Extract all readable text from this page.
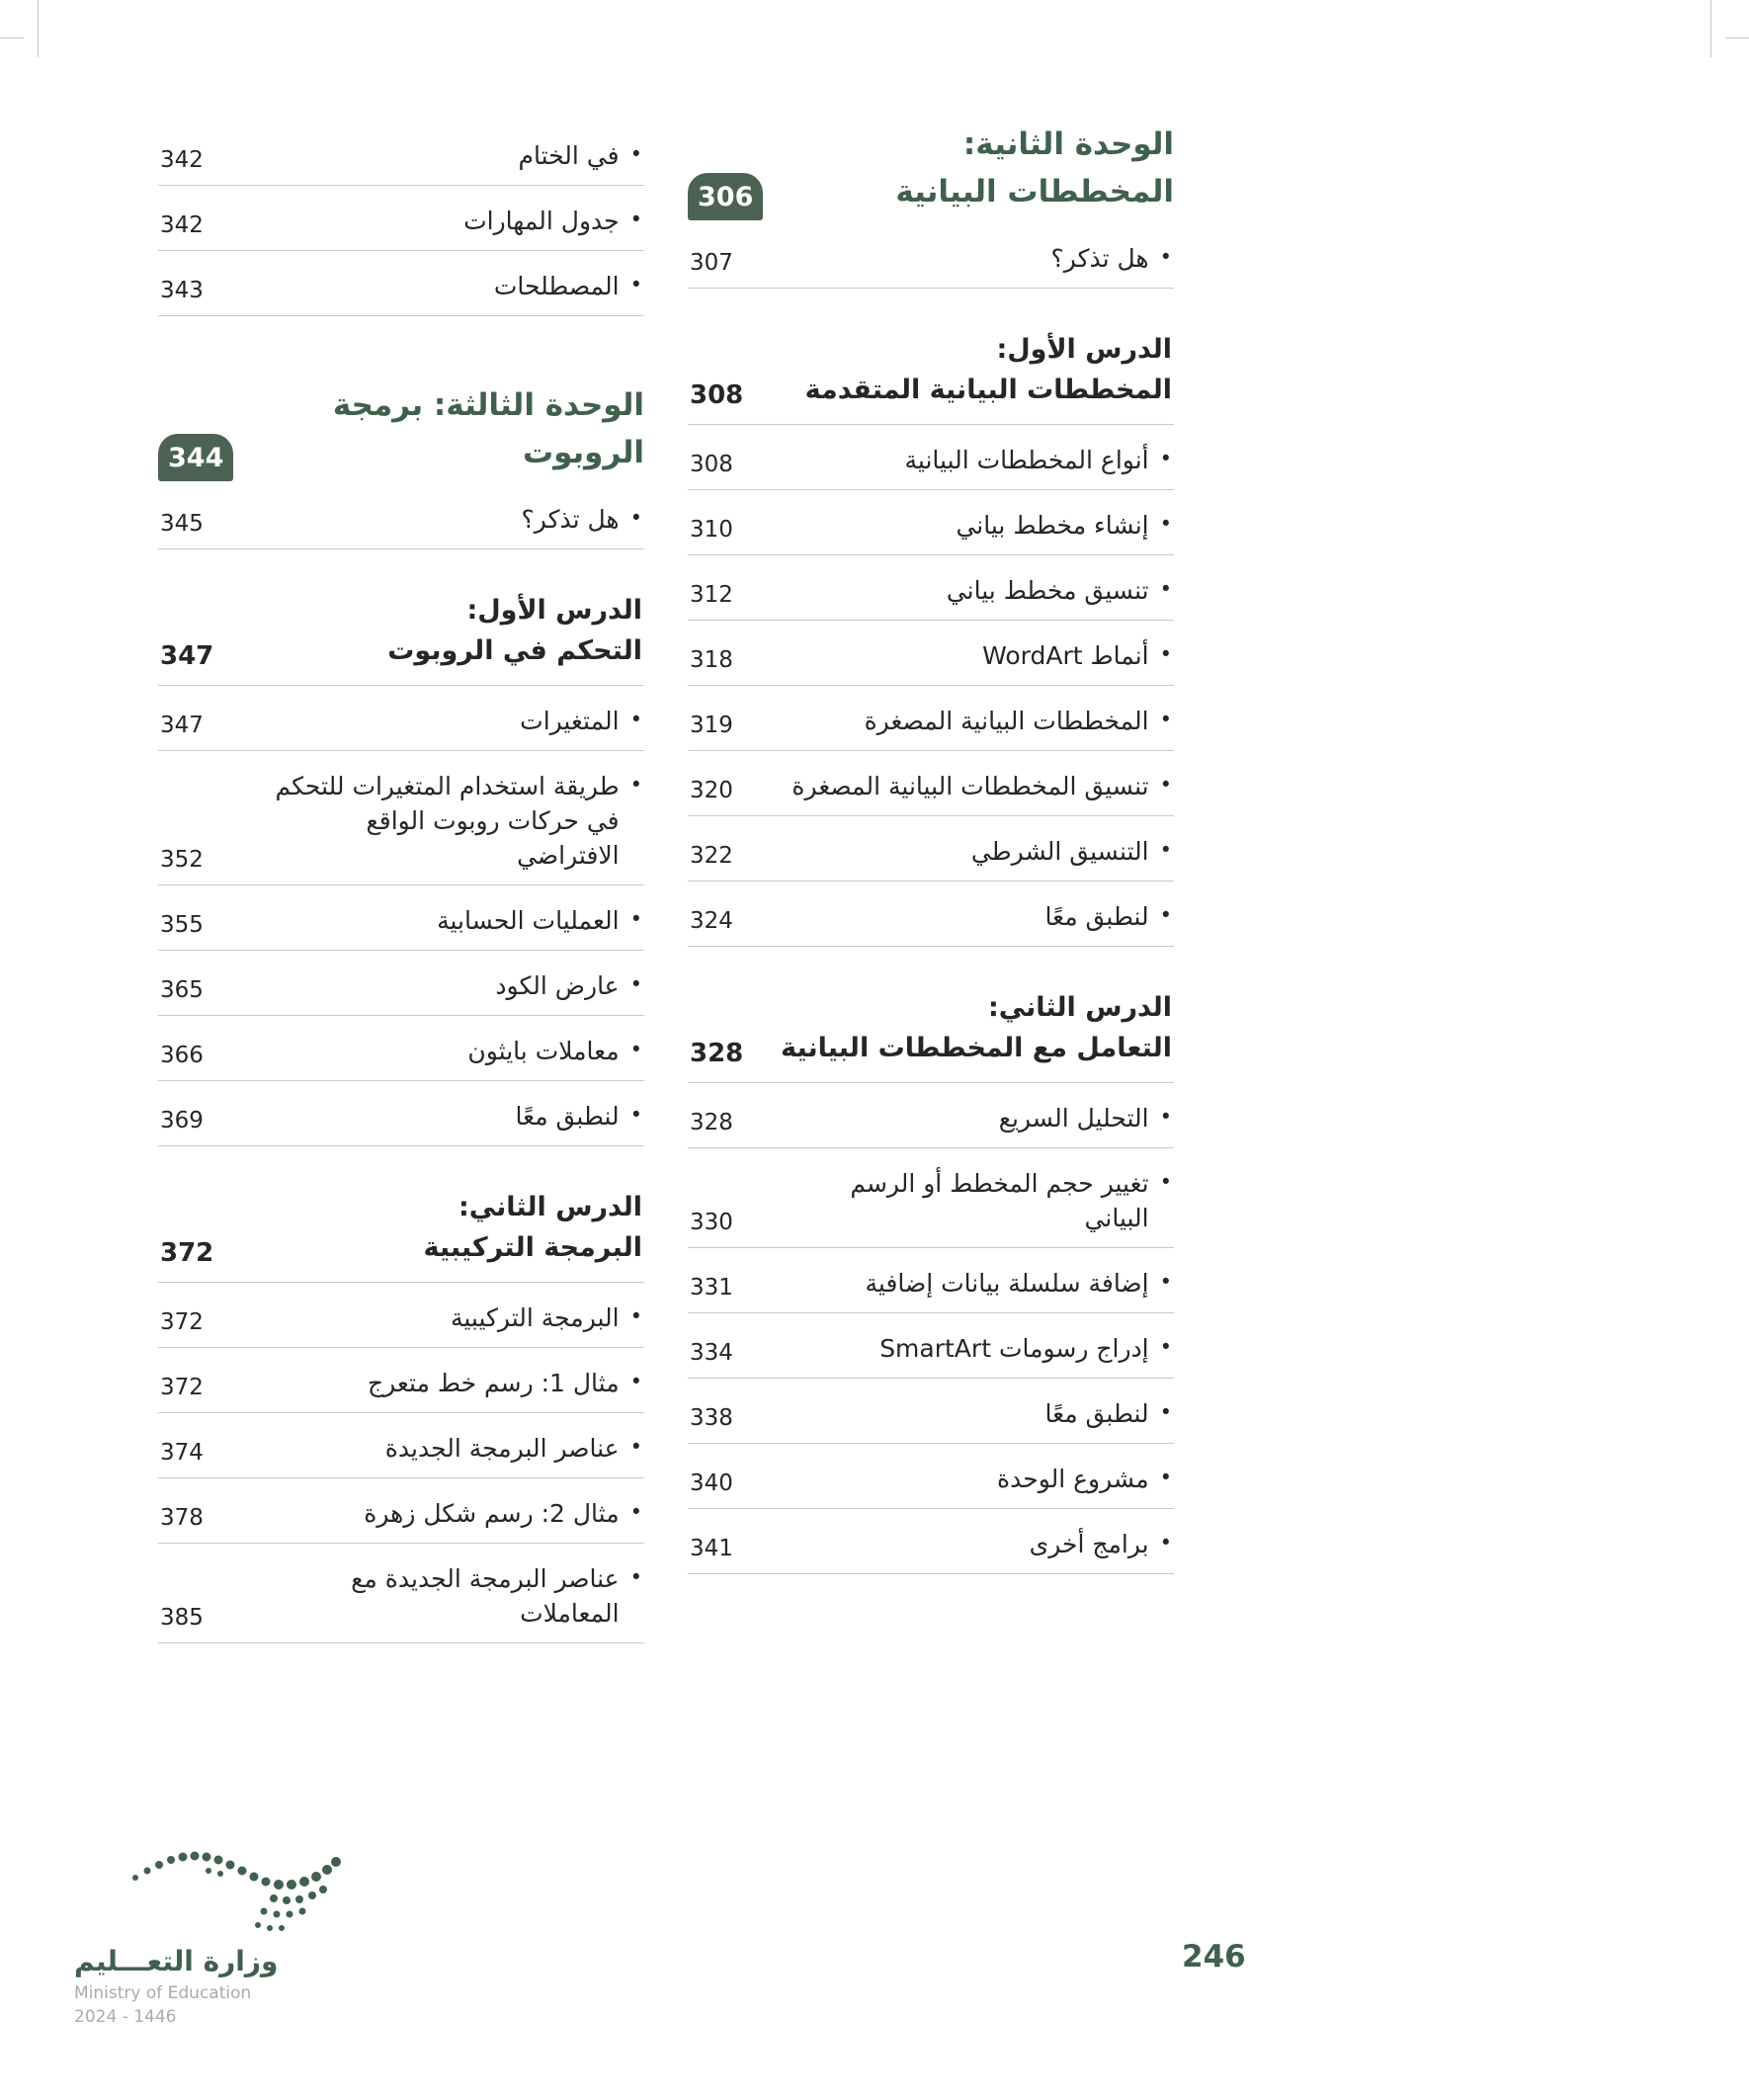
الوحدة الثانية:
المخططات البيانية
306
•
هل تذكر؟
307
الدرس الأول:
المخططات البيانية المتقدمة
308
•
أنواع المخططات البيانية
308
•
إنشاء مخطط بياني
310
•
تنسيق مخطط بياني
312
•
أنماط WordArt
318
•
المخططات البيانية المصغرة
319
•
تنسيق المخططات البيانية المصغرة
320
•
التنسيق الشرطي
322
•
لنطبق معًا
324
الدرس الثاني:
التعامل مع المخططات البيانية
328
•
التحليل السريع
328
•
تغيير حجم المخطط أو الرسم البياني
330
•
إضافة سلسلة بيانات إضافية
331
•
إدراج رسومات SmartArt
334
•
لنطبق معًا
338
•
مشروع الوحدة
340
•
برامج أخرى
341
•
في الختام
342
•
جدول المهارات
342
•
المصطلحات
343
الوحدة الثالثة: برمجة الروبوت
344
•
هل تذكر؟
345
الدرس الأول:
التحكم في الروبوت
347
•
المتغيرات
347
•
طريقة استخدام المتغيرات للتحكم في حركات روبوت الواقع الافتراضي
352
•
العمليات الحسابية
355
•
عارض الكود
365
•
معاملات بايثون
366
•
لنطبق معًا
369
الدرس الثاني:
البرمجة التركيبية
372
•
البرمجة التركيبية
372
•
مثال 1: رسم خط متعرج
372
•
عناصر البرمجة الجديدة
374
•
مثال 2: رسم شكل زهرة
378
•
عناصر البرمجة الجديدة مع المعاملات
385
وزارة التعـــليم
Ministry of Education
2024 - 1446
246
